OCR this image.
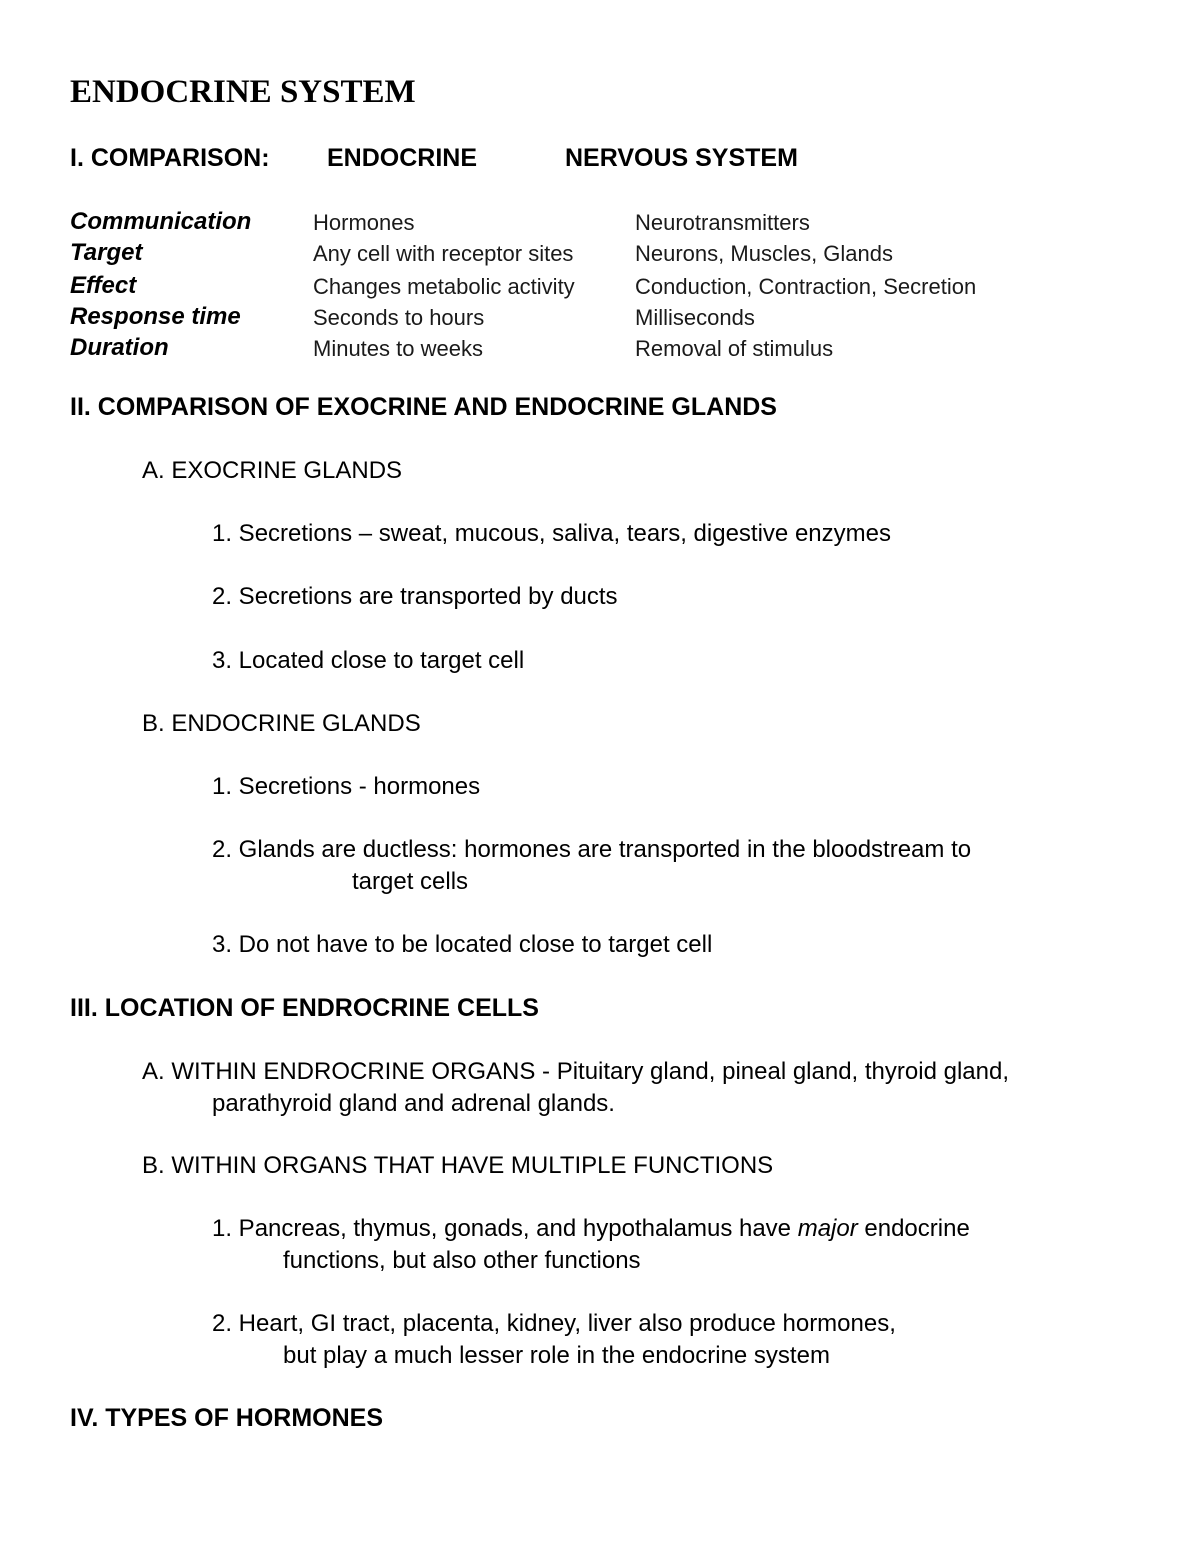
ENDOCRINE SYSTEM
I. COMPARISON: ENDOCRINE	NERVOUS SYSTEM
Communication	Hormones	Neurotransmitters
Target	Any cell with receptor sites	Neurons, Muscles, Glands
Effect	Changes metabolic activity	Conduction, Contraction, Secretion
Response time	Seconds to hours	Milliseconds
Duration	Minutes to weeks	Removal of stimulus
II. COMPARISON OF EXOCRINE AND ENDOCRINE GLANDS
A. EXOCRINE GLANDS
1. Secretions – sweat, mucous, saliva, tears, digestive enzymes
2. Secretions are transported by ducts
3. Located close to target cell
B. ENDOCRINE GLANDS
1. Secretions - hormones
2. Glands are ductless: hormones are transported in the bloodstream to
target cells
3. Do not have to be located close to target cell
III. LOCATION OF ENDROCRINE CELLS
A. WITHIN ENDROCRINE ORGANS - Pituitary gland, pineal gland, thyroid gland,
parathyroid gland and adrenal glands.
B. WITHIN ORGANS THAT HAVE MULTIPLE FUNCTIONS
1. Pancreas, thymus, gonads, and hypothalamus have major endocrine
functions, but also other functions
2. Heart, GI tract, placenta, kidney, liver also produce hormones,
but play a much lesser role in the endocrine system
IV. TYPES OF HORMONES
